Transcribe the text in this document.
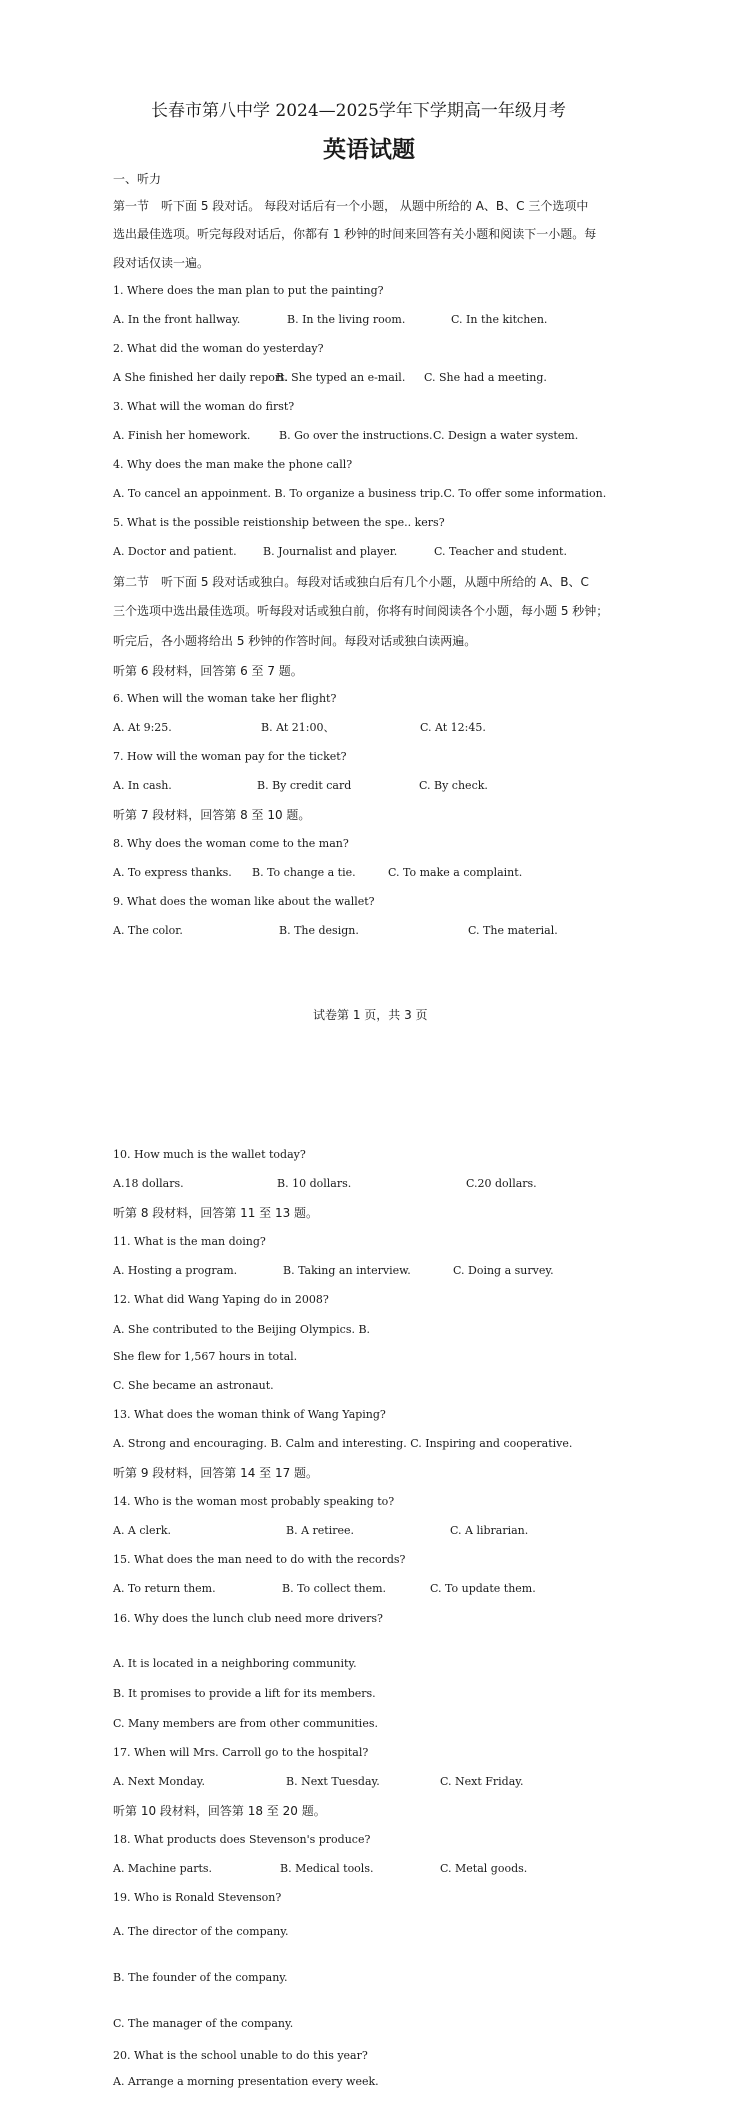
长春市第八中学 2024—2025学年下学期高一年级月考
英语试题
一、听力
第一节　听下面 5 段对话。 每段对话后有一个小题， 从题中所给的 A、B、C 三个选项中
选出最佳选项。听完每段对话后，你都有 1 秒钟的时间来回答有关小题和阅读下一小题。每
段对话仅读一遍。
1. Where does the man plan to put the painting?
A. In the front hallway.	B. In the living room.	C. In the kitchen.
2. What did the woman do yesterday?
A She finished her daily report.
B. She typed an e-mail. C. She had a meeting.
3. What will the woman do first?
A. Finish her homework.	B. Go over the instructions. C. Design a water system.
4. Why does the man make the phone call?
A. To cancel an appoinment. B. To organize a business trip.C. To offer some information.
5. What is the possible reistionship between the spe.. kers?
A. Doctor and patient. B. Journalist and player.	C. Teacher and student.
第二节　听下面 5 段对话或独白。每段对话或独白后有几个小题，从题中所给的 A、B、C
三个选项中选出最佳选项。听每段对话或独白前，你将有时间阅读各个小题，每小题 5 秒钟；
听完后，各小题将给出 5 秒钟的作答时间。每段对话或独白读两遍。
听第 6 段材料，回答第 6 至 7 题。
6. When will the woman take her flight?
A. At 9:25.	B. At 21:00、	C. At 12:45.
7. How will the woman pay for the ticket?
A. In cash.	B. By credit card	C. By check.
听第 7 段材料，回答第 8 至 10 题。
8. Why does the woman come to the man?
A. To express thanks. B. To change a tie.	C. To make a complaint.
9. What does the woman like about the wallet?
A. The color.	B. The design.	C. The material.
试卷第 1 页，共 3 页
10. How much is the wallet today?
A.18 dollars.	B. 10 dollars.	C.20 dollars.
听第 8 段材料，回答第 11 至 13 题。
11. What is the man doing?
A. Hosting a program.	B. Taking an interview.	C. Doing a survey.
12. What did Wang Yaping do in 2008?
A. She contributed to the Beijing Olympics. B.
She flew for 1,567 hours in total.
C. She became an astronaut.
13. What does the woman think of Wang Yaping?
A. Strong and encouraging. B. Calm and interesting. C. Inspiring and cooperative.
听第 9 段材料，回答第 14 至 17 题。
14. Who is the woman most probably speaking to?
A. A clerk.	B. A retiree.	C. A librarian.
15. What does the man need to do with the records?
A. To return them.	B. To collect them.	C. To update them.
16. Why does the lunch club need more drivers?
A. It is located in a neighboring community.
B. It promises to provide a lift for its members.
C. Many members are from other communities.
17. When will Mrs. Carroll go to the hospital?
A. Next Monday.	B. Next Tuesday.	C. Next Friday.
听第 10 段材料，回答第 18 至 20 题。
18. What products does Stevenson's produce?
A. Machine parts.	B. Medical tools.	C. Metal goods.
19. Who is Ronald Stevenson?
A. The director of the company.
B. The founder of the company.
C. The manager of the company.
20. What is the school unable to do this year?
A. Arrange a morning presentation every week.
